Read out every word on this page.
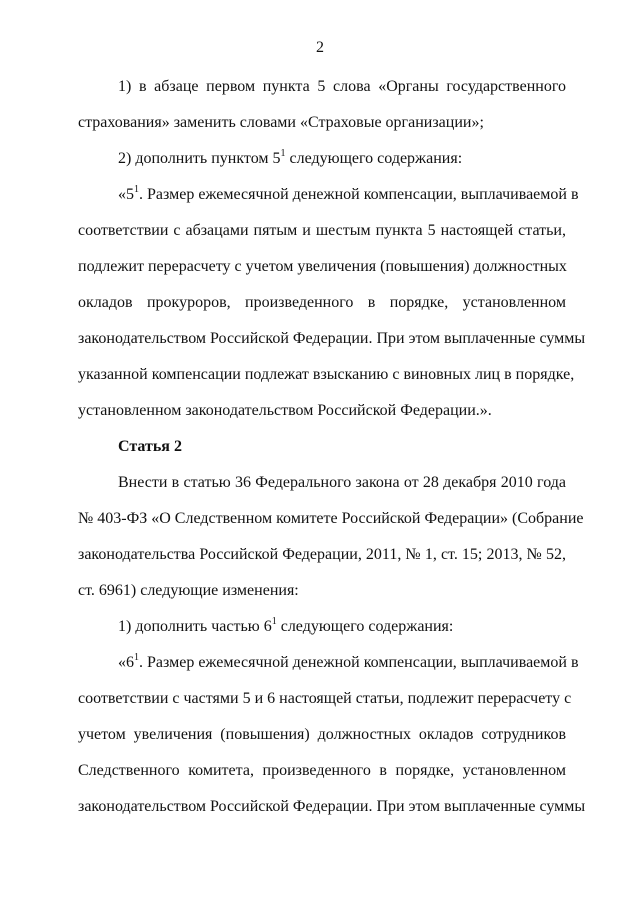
2
1) в абзаце первом пункта 5 слова «Органы государственного
страхования» заменить словами «Страховые организации»;
2) дополнить пунктом $5^1$ следующего содержания:
«$5^1$. Размер ежемесячной денежной компенсации, выплачиваемой в
соответствии с абзацами пятым и шестым пункта 5 настоящей статьи,
подлежит перерасчету с учетом увеличения (повышения) должностных
окладов прокуроров, произведенного в порядке, установленном
законодательством Российской Федерации. При этом выплаченные суммы
указанной компенсации подлежат взысканию с виновных лиц в порядке,
установленном законодательством Российской Федерации.».
Статья 2
Внести в статью 36 Федерального закона от 28 декабря 2010 года
№ 403-ФЗ «О Следственном комитете Российской Федерации» (Собрание
законодательства Российской Федерации, 2011, № 1, ст. 15; 2013, № 52,
ст. 6961) следующие изменения:
1) дополнить частью $6^1$ следующего содержания:
«$6^1$. Размер ежемесячной денежной компенсации, выплачиваемой в
соответствии с частями 5 и 6 настоящей статьи, подлежит перерасчету с
учетом увеличения (повышения) должностных окладов сотрудников
Следственного комитета, произведенного в порядке, установленном
законодательством Российской Федерации. При этом выплаченные суммы
